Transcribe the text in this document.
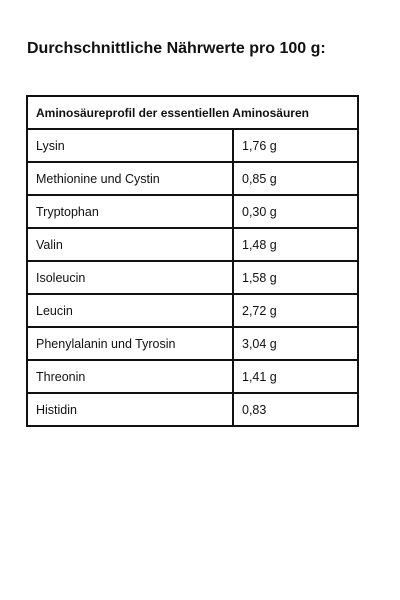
Durchschnittliche Nährwerte pro 100 g:
Aminosäureprofil der essentiellen Aminosäuren	
Lysin	1,76 g
Methionine und Cystin	0,85 g
Tryptophan	0,30 g
Valin	1,48 g
Isoleucin	1,58 g
Leucin	2,72 g
Phenylalanin und Tyrosin	3,04 g
Threonin	1,41 g
Histidin	0,83
